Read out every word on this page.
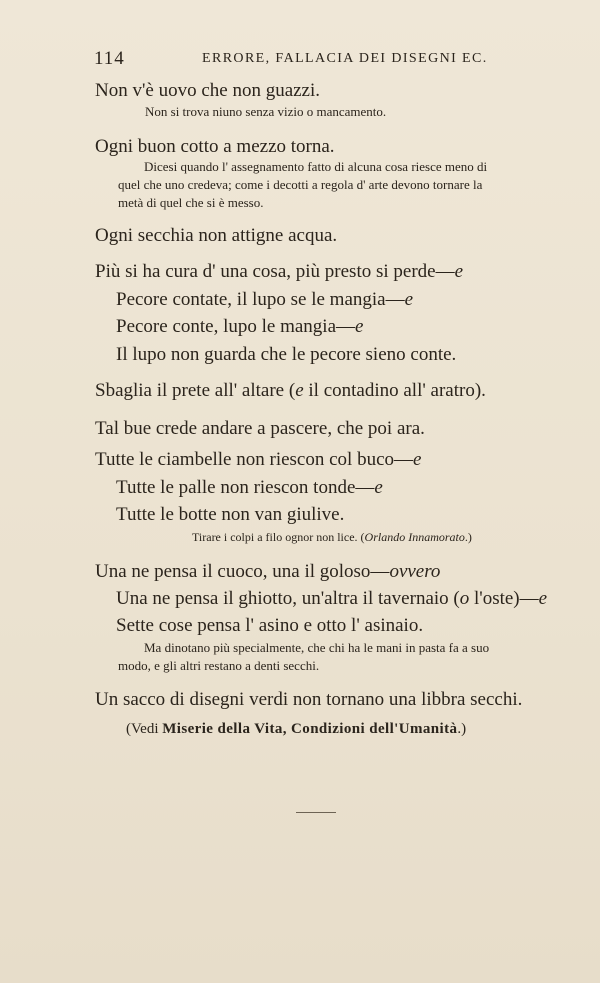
114	ERRORE, FALLACIA DEI DISEGNI EC.
Non v'è uovo che non guazzi.
Non si trova niuno senza vizio o mancamento.
Ogni buon cotto a mezzo torna.
Dicesi quando l' assegnamento fatto di alcuna cosa riesce meno di
quel che uno credeva; come i decotti a regola d' arte devono tornare la
metà di quel che si è messo.
Ogni secchia non attigne acqua.
Più si ha cura d' una cosa, più presto si perde—e
Pecore contate, il lupo se le mangia—e
Pecore conte, lupo le mangia—e
Il lupo non guarda che le pecore sieno conte.
Sbaglia il prete all' altare (e il contadino all' aratro).
Tal bue crede andare a pascere, che poi ara.
Tutte le ciambelle non riescon col buco—e
Tutte le palle non riescon tonde—e
Tutte le botte non van giulive.
Tirare i colpi a filo ognor non lice. (Orlando Innamorato.)
Una ne pensa il cuoco, una il goloso—ovvero
Una ne pensa il ghiotto, un'altra il tavernaio (o l'oste)—e
Sette cose pensa l' asino e otto l' asinaio.
Ma dinotano più specialmente, che chi ha le mani in pasta fa a suo
modo, e gli altri restano a denti secchi.
Un sacco di disegni verdi non tornano una libbra secchi.
(Vedi Miserie della Vita, Condizioni dell'Umanità.)
